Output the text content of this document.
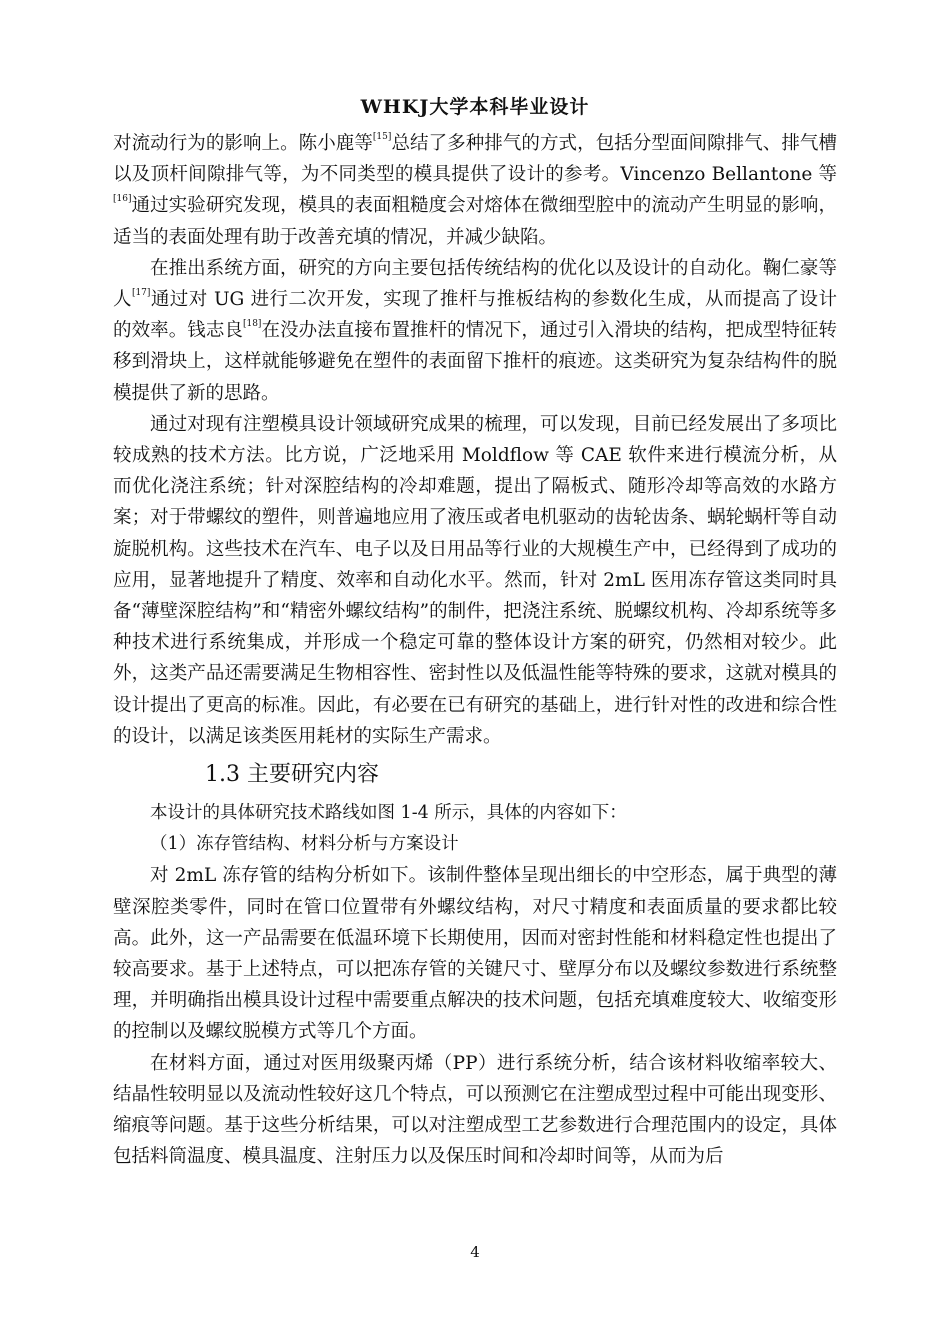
WHKJ大学本科毕业设计

对流动行为的影响上。陈小鹿等[15]总结了多种排气的方式，包括分型面间隙排气、排气槽以及顶杆间隙排气等，为不同类型的模具提供了设计的参考。Vincenzo Bellantone 等[16]通过实验研究发现，模具的表面粗糙度会对熔体在微细型腔中的流动产生明显的影响，适当的表面处理有助于改善充填的情况，并减少缺陷。

在推出系统方面，研究的方向主要包括传统结构的优化以及设计的自动化。鞠仁豪等人[17]通过对 UG 进行二次开发，实现了推杆与推板结构的参数化生成，从而提高了设计的效率。钱志良[18]在没办法直接布置推杆的情况下，通过引入滑块的结构，把成型特征转移到滑块上，这样就能够避免在塑件的表面留下推杆的痕迹。这类研究为复杂结构件的脱模提供了新的思路。

通过对现有注塑模具设计领域研究成果的梳理，可以发现，目前已经发展出了多项比较成熟的技术方法。比方说，广泛地采用 Moldflow 等 CAE 软件来进行模流分析，从而优化浇注系统；针对深腔结构的冷却难题，提出了隔板式、随形冷却等高效的水路方案；对于带螺纹的塑件，则普遍地应用了液压或者电机驱动的齿轮齿条、蜗轮蜗杆等自动旋脱机构。这些技术在汽车、电子以及日用品等行业的大规模生产中，已经得到了成功的应用，显著地提升了精度、效率和自动化水平。然而，针对 2mL 医用冻存管这类同时具备“薄壁深腔结构”和“精密外螺纹结构”的制件，把浇注系统、脱螺纹机构、冷却系统等多种技术进行系统集成，并形成一个稳定可靠的整体设计方案的研究，仍然相对较少。此外，这类产品还需要满足生物相容性、密封性以及低温性能等特殊的要求，这就对模具的设计提出了更高的标准。因此，有必要在已有研究的基础上，进行针对性的改进和综合性的设计，以满足该类医用耗材的实际生产需求。

1.3 主要研究内容

本设计的具体研究技术路线如图 1-4 所示，具体的内容如下：

（1）冻存管结构、材料分析与方案设计

对 2mL 冻存管的结构分析如下。该制件整体呈现出细长的中空形态，属于典型的薄壁深腔类零件，同时在管口位置带有外螺纹结构，对尺寸精度和表面质量的要求都比较高。此外，这一产品需要在低温环境下长期使用，因而对密封性能和材料稳定性也提出了较高要求。基于上述特点，可以把冻存管的关键尺寸、壁厚分布以及螺纹参数进行系统整理，并明确指出模具设计过程中需要重点解决的技术问题，包括充填难度较大、收缩变形的控制以及螺纹脱模方式等几个方面。

在材料方面，通过对医用级聚丙烯（PP）进行系统分析，结合该材料收缩率较大、结晶性较明显以及流动性较好这几个特点，可以预测它在注塑成型过程中可能出现变形、缩痕等问题。基于这些分析结果，可以对注塑成型工艺参数进行合理范围内的设定，具体包括料筒温度、模具温度、注射压力以及保压时间和冷却时间等，从而为后

4
